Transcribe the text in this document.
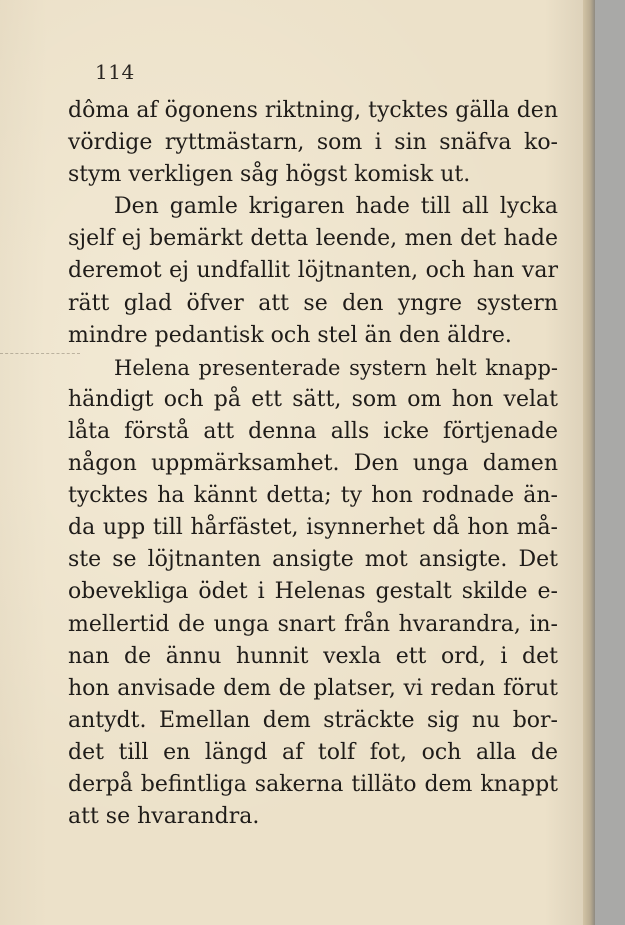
114
dôma af ögonens riktning, tycktes gälla den
vördige ryttmästarn, som i sin snäfva ko-
stym verkligen såg högst komisk ut.
Den gamle krigaren hade till all lycka
sjelf ej bemärkt detta leende, men det hade
deremot ej undfallit löjtnanten, och han var
rätt glad öfver att se den yngre systern
mindre pedantisk och stel än den äldre.
Helena presenterade systern helt knapp-
händigt och på ett sätt, som om hon velat
låta förstå att denna alls icke förtjenade
någon uppmärksamhet. Den unga damen
tycktes ha kännt detta; ty hon rodnade än-
da upp till hårfästet, isynnerhet då hon må-
ste se löjtnanten ansigte mot ansigte. Det
obevekliga ödet i Helenas gestalt skilde e-
mellertid de unga snart från hvarandra, in-
nan de ännu hunnit vexla ett ord, i det
hon anvisade dem de platser, vi redan förut
antydt. Emellan dem sträckte sig nu bor-
det till en längd af tolf fot, och alla de
derpå befintliga sakerna tilläto dem knappt
att se hvarandra.
